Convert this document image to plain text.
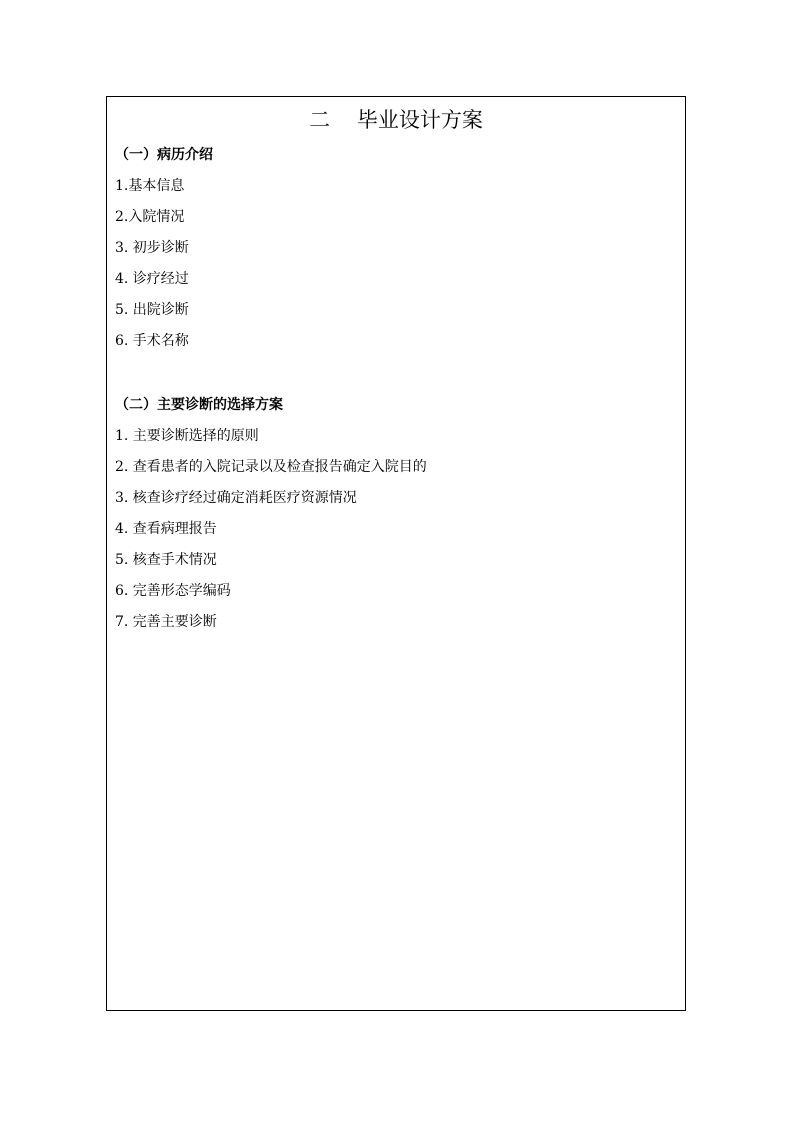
二    毕业设计方案
（一）病历介绍
1.基本信息
2.入院情况
3. 初步诊断
4. 诊疗经过
5. 出院诊断
6. 手术名称
（二）主要诊断的选择方案
1. 主要诊断选择的原则
2. 查看患者的入院记录以及检查报告确定入院目的
3. 核查诊疗经过确定消耗医疗资源情况
4. 查看病理报告
5. 核查手术情况
6. 完善形态学编码
7. 完善主要诊断
